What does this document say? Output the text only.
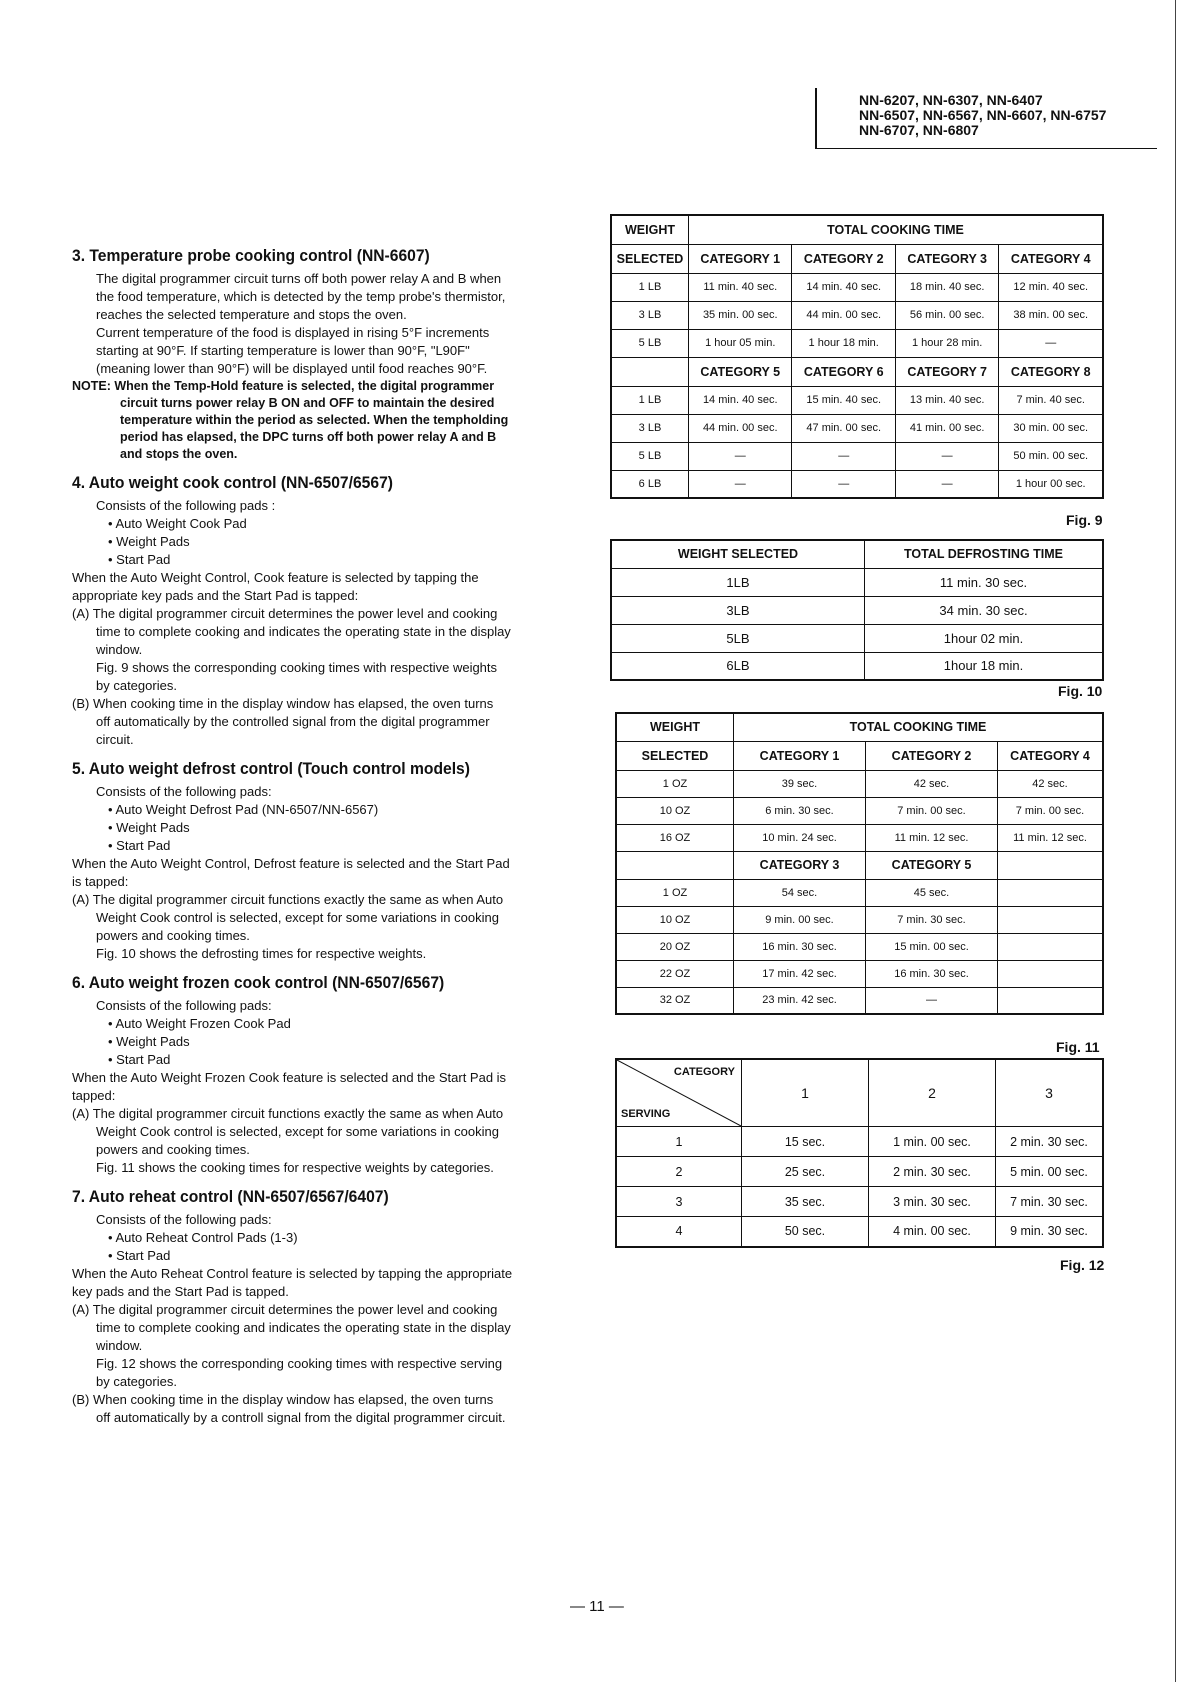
NN-6207, NN-6307, NN-6407
NN-6507, NN-6567, NN-6607, NN-6757
NN-6707, NN-6807
3. Temperature probe cooking control (NN-6607)

The digital programmer circuit turns off both power relay A and B when

the food temperature, which is detected by the temp probe's thermistor,

reaches the selected temperature and stops the oven.

Current temperature of the food is displayed in rising 5°F increments

starting at 90°F. If starting temperature is lower than 90°F, "L90F"

(meaning lower than 90°F) will be displayed until food reaches 90°F.

NOTE: When the Temp-Hold feature is selected, the digital programmer
circuit turns power relay B ON and OFF to maintain the desired
temperature within the period as selected. When the tempholding
period has elapsed, the DPC turns off both power relay A and B
and stops the oven.
4. Auto weight cook control (NN-6507/6567)

Consists of the following pads :

• Auto Weight Cook Pad
• Weight Pads
• Start Pad

When the Auto Weight Control, Cook feature is selected by tapping the

appropriate key pads and the Start Pad is tapped:

(A) The digital programmer circuit determines the power level and cooking

time to complete cooking and indicates the operating state in the display

window.

Fig. 9 shows the corresponding cooking times with respective weights

by categories.

(B) When cooking time in the display window has elapsed, the oven turns

off automatically by the controlled signal from the digital programmer

circuit.

5. Auto weight defrost control (Touch control models)

Consists of the following pads:

• Auto Weight Defrost Pad (NN-6507/NN-6567)
• Weight Pads
• Start Pad

When the Auto Weight Control, Defrost feature is selected and the Start Pad

is tapped:

(A) The digital programmer circuit functions exactly the same as when Auto

Weight Cook control is selected, except for some variations in cooking

powers and cooking times.

Fig. 10 shows the defrosting times for respective weights.

6. Auto weight frozen cook control (NN-6507/6567)

Consists of the following pads:

• Auto Weight Frozen Cook Pad
• Weight Pads
• Start Pad

When the Auto Weight Frozen Cook feature is selected and the Start Pad is

tapped:

(A) The digital programmer circuit functions exactly the same as when Auto

Weight Cook control is selected, except for some variations in cooking

powers and cooking times.

Fig. 11 shows the cooking times for respective weights by categories.

7. Auto reheat control (NN-6507/6567/6407)

Consists of the following pads:

• Auto Reheat Control Pads (1-3)
• Start Pad

When the Auto Reheat Control feature is selected by tapping the appropriate

key pads and the Start Pad is tapped.

(A) The digital programmer circuit determines the power level and cooking

time to complete cooking and indicates the operating state in the display

window.

Fig. 12 shows the corresponding cooking times with respective serving

by categories.

(B) When cooking time in the display window has elapsed, the oven turns

off automatically by a controll signal from the digital programmer circuit.

WEIGHT	TOTAL COOKING TIME			
SELECTED	CATEGORY 1	CATEGORY 2	CATEGORY 3	CATEGORY 4
1 LB	11 min. 40 sec.	14 min. 40 sec.	18 min. 40 sec.	12 min. 40 sec.
3 LB	35 min. 00 sec.	44 min. 00 sec.	56 min. 00 sec.	38 min. 00 sec.
5 LB	1 hour 05 min.	1 hour 18 min.	1 hour 28 min.	—
	CATEGORY 5	CATEGORY 6	CATEGORY 7	CATEGORY 8
1 LB	14 min. 40 sec.	15 min. 40 sec.	13 min. 40 sec.	7 min. 40 sec.
3 LB	44 min. 00 sec.	47 min. 00 sec.	41 min. 00 sec.	30 min. 00 sec.
5 LB	—	—	—	50 min. 00 sec.
6 LB	—	—	—	1 hour 00 sec.
Fig. 9
WEIGHT SELECTED	TOTAL DEFROSTING TIME
1LB	11 min. 30 sec.
3LB	34 min. 30 sec.
5LB	1hour 02 min.
6LB	1hour 18 min.
Fig. 10
WEIGHT	TOTAL COOKING TIME		
SELECTED	CATEGORY 1	CATEGORY 2	CATEGORY 4
1 OZ	39 sec.	42 sec.	42 sec.
10 OZ	6 min. 30 sec.	7 min. 00 sec.	7 min. 00 sec.
16 OZ	10 min. 24 sec.	11 min. 12 sec.	11 min. 12 sec.
	CATEGORY 3	CATEGORY 5	
1 OZ	54 sec.	45 sec.	
10 OZ	9 min. 00 sec.	7 min. 30 sec.	
20 OZ	16 min. 30 sec.	15 min. 00 sec.	
22 OZ	17 min. 42 sec.	16 min. 30 sec.	
32 OZ	23 min. 42 sec.	—	
Fig. 11
CATEGORY
SERVING	1	2	3
1	15 sec.	1 min. 00 sec.	2 min. 30 sec.
2	25 sec.	2 min. 30 sec.	5 min. 00 sec.
3	35 sec.	3 min. 30 sec.	7 min. 30 sec.
4	50 sec.	4 min. 00 sec.	9 min. 30 sec.
Fig. 12
— 11 —
